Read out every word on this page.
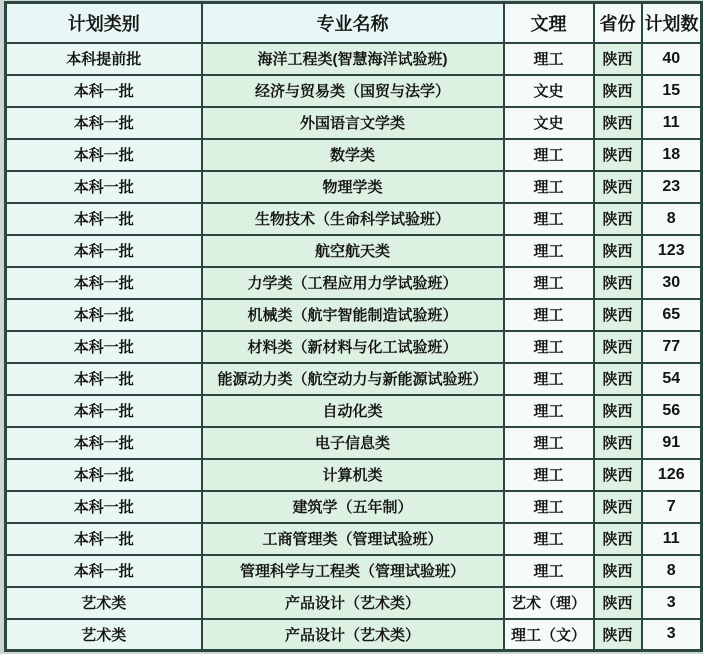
计划类别	专业名称	文理	省份	计划数
本科提前批	海洋工程类(智慧海洋试验班)	理工	陕西	40
本科一批	经济与贸易类（国贸与法学）	文史	陕西	15
本科一批	外国语言文学类	文史	陕西	11
本科一批	数学类	理工	陕西	18
本科一批	物理学类	理工	陕西	23
本科一批	生物技术（生命科学试验班）	理工	陕西	8
本科一批	航空航天类	理工	陕西	123
本科一批	力学类（工程应用力学试验班）	理工	陕西	30
本科一批	机械类（航宇智能制造试验班）	理工	陕西	65
本科一批	材料类（新材料与化工试验班）	理工	陕西	77
本科一批	能源动力类（航空动力与新能源试验班）	理工	陕西	54
本科一批	自动化类	理工	陕西	56
本科一批	电子信息类	理工	陕西	91
本科一批	计算机类	理工	陕西	126
本科一批	建筑学（五年制）	理工	陕西	7
本科一批	工商管理类（管理试验班）	理工	陕西	11
本科一批	管理科学与工程类（管理试验班）	理工	陕西	8
艺术类	产品设计（艺术类）	艺术（理）	陕西	3
艺术类	产品设计（艺术类）	理工（文）	陕西	3
